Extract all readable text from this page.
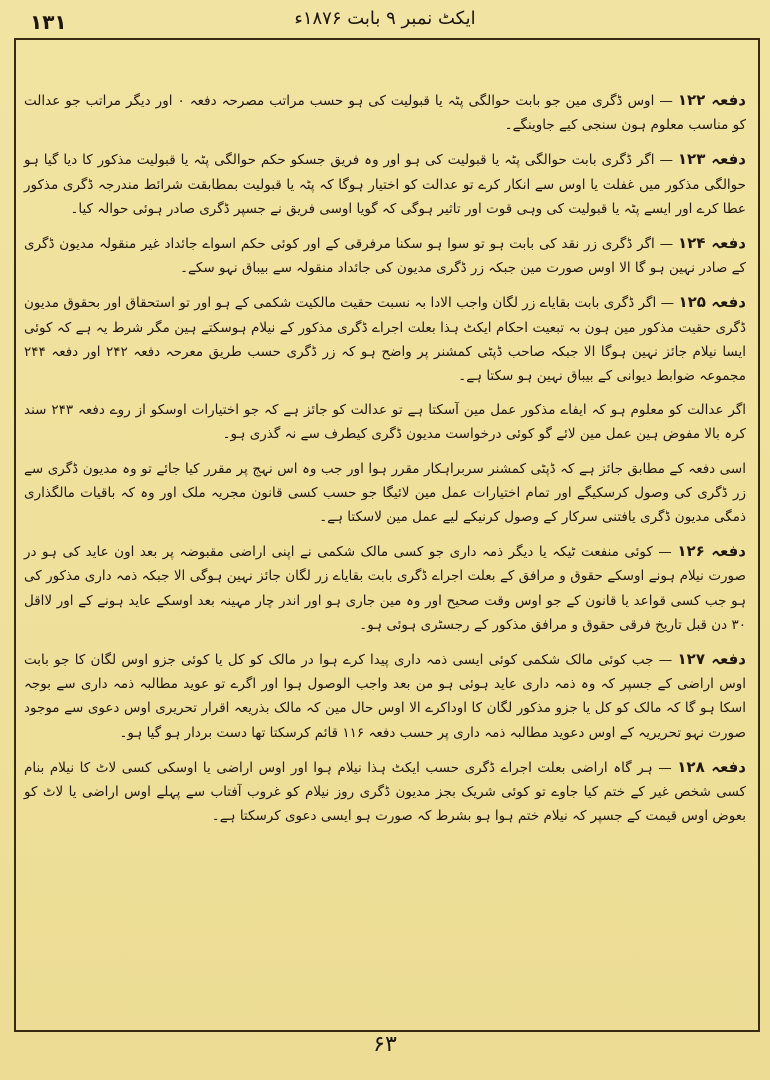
۱۳۱	ایکٹ نمبر ۹ بابت ۱۸۷۶ء
دفعہ ۱۲۲ — اوس ڈگری مین جو بابت حوالگی پٹہ یا قبولیت کی ہو حسب مراتب مصرحہ دفعہ ۰ اور دیگر مراتب جو عدالت کو مناسب معلوم ہون سنجی کیے جاوینگے۔
دفعہ ۱۲۳ — اگر ڈگری بابت حوالگی پٹہ یا قبولیت کی ہو اور وہ فریق جسکو حکم حوالگی پٹہ یا قبولیت مذکور کا دیا گیا ہو حوالگی مذکور میں غفلت یا اوس سے انکار کرے تو عدالت کو اختیار ہوگا کہ پٹہ یا قبولیت بمطابقت شرائط مندرجہ ڈگری مذکور عطا کرے اور ایسے پٹہ یا قبولیت کی وہی قوت اور تاثیر ہوگی کہ گویا اوسی فریق نے جسپر ڈگری صادر ہوئی حوالہ کیا۔
دفعہ ۱۲۴ — اگر ڈگری زر نقد کی بابت ہو تو سوا ہو سکنا مرفرقی کے اور کوئی حکم اسواے جائداد غیر منقولہ مدیون ڈگری کے صادر نہین ہو گا الا اوس صورت مین جبکہ زر ڈگری مدیون کی جائداد منقولہ سے بیباق نہو سکے۔
دفعہ ۱۲۵ — اگر ڈگری بابت بقایاے زر لگان واجب الادا بہ نسبت حقیت مالکیت شکمی کے ہو اور تو استحقاق اور بحقوق مدیون ڈگری حقیت مذکور مین ہون بہ تبعیت احکام ایکٹ ہذا بعلت اجراے ڈگری مذکور کے نیلام ہوسکتے ہین مگر شرط یہ ہے کہ کوئی ایسا نیلام جائز نہین ہوگا الا جبکہ صاحب ڈپٹی کمشنر پر واضح ہو کہ زر ڈگری حسب طریق معرحہ دفعہ ۲۴۲ اور دفعہ ۲۴۴ مجموعہ ضوابط دیوانی کے بیباق نہین ہو سکتا ہے۔
اگر عدالت کو معلوم ہو کہ ایفاے مذکور عمل مین آسکتا ہے تو عدالت کو جائز ہے کہ جو اختیارات اوسکو از روے دفعہ ۲۴۳ سند کرہ بالا مفوض ہین عمل مین لائے گو کوئی درخواست مدیون ڈگری کیطرف سے نہ گذری ہو۔
اسی دفعہ کے مطابق جائز ہے کہ ڈپٹی کمشنر سربراہکار مقرر ہوا اور جب وہ اس نہج پر مقرر کیا جائے تو وہ مدیون ڈگری سے زر ڈگری کی وصول کرسکیگے اور تمام اختیارات عمل مین لائیگا جو حسب کسی قانون مجریہ ملک اور وہ کہ باقیات مالگذاری ذمگی مدیون ڈگری یافتنی سرکار کے وصول کرنیکے لیے عمل مین لاسکتا ہے۔
دفعہ ۱۲۶ — کوئی منفعت ٹیکہ یا دیگر ذمہ داری جو کسی مالک شکمی نے اپنی اراضی مقبوضہ پر بعد اون عاید کی ہو در صورت نیلام ہونے اوسکے حقوق و مرافق کے بعلت اجراے ڈگری بابت بقایاے زر لگان جائز نہین ہوگی الا جبکہ ذمہ داری مذکور کی ہو جب کسی قواعد یا قانون کے جو اوس وقت صحیح اور وہ مین جاری ہو اور اندر چار مہینہ بعد اوسکے عاید ہونے کے اور لااقل ۳۰ دن قبل تاریخ فرقی حقوق و مرافق مذکور کے رجسٹری ہوئی ہو۔
دفعہ ۱۲۷ — جب کوئی مالک شکمی کوئی ایسی ذمہ داری پیدا کرے ہوا در مالک کو کل یا کوئی جزو اوس لگان کا جو بابت اوس اراضی کے جسپر کہ وہ ذمہ داری عاید ہوئی ہو من بعد واجب الوصول ہوا اور اگرے تو عوید مطالبہ ذمہ داری سے بوجہ اسکا ہو گا کہ مالک کو کل یا جزو مذکور لگان کا اوداکرے الا اوس حال مین کہ مالک بذریعہ اقرار تحریری اوس دعوی سے موجود صورت نہو تحریریہ کے اوس دعوید مطالبہ ذمہ داری پر حسب دفعہ ۱۱۶ قائم کرسکتا تھا دست بردار ہو گیا ہو۔
دفعہ ۱۲۸ — ہر گاہ اراضی بعلت اجراے ڈگری حسب ایکٹ ہذا نیلام ہوا اور اوس اراضی یا اوسکی کسی لاٹ کا نیلام بنام کسی شخص غیر کے ختم کیا جاوے تو کوئی شریک بجز مدیون ڈگری روز نیلام کو غروب آفتاب سے پہلے اوس اراضی یا لاٹ کو بعوض اوس قیمت کے جسپر کہ نیلام ختم ہوا ہو بشرط کہ صورت ہو ایسی دعوی کرسکتا ہے۔
۶۳
